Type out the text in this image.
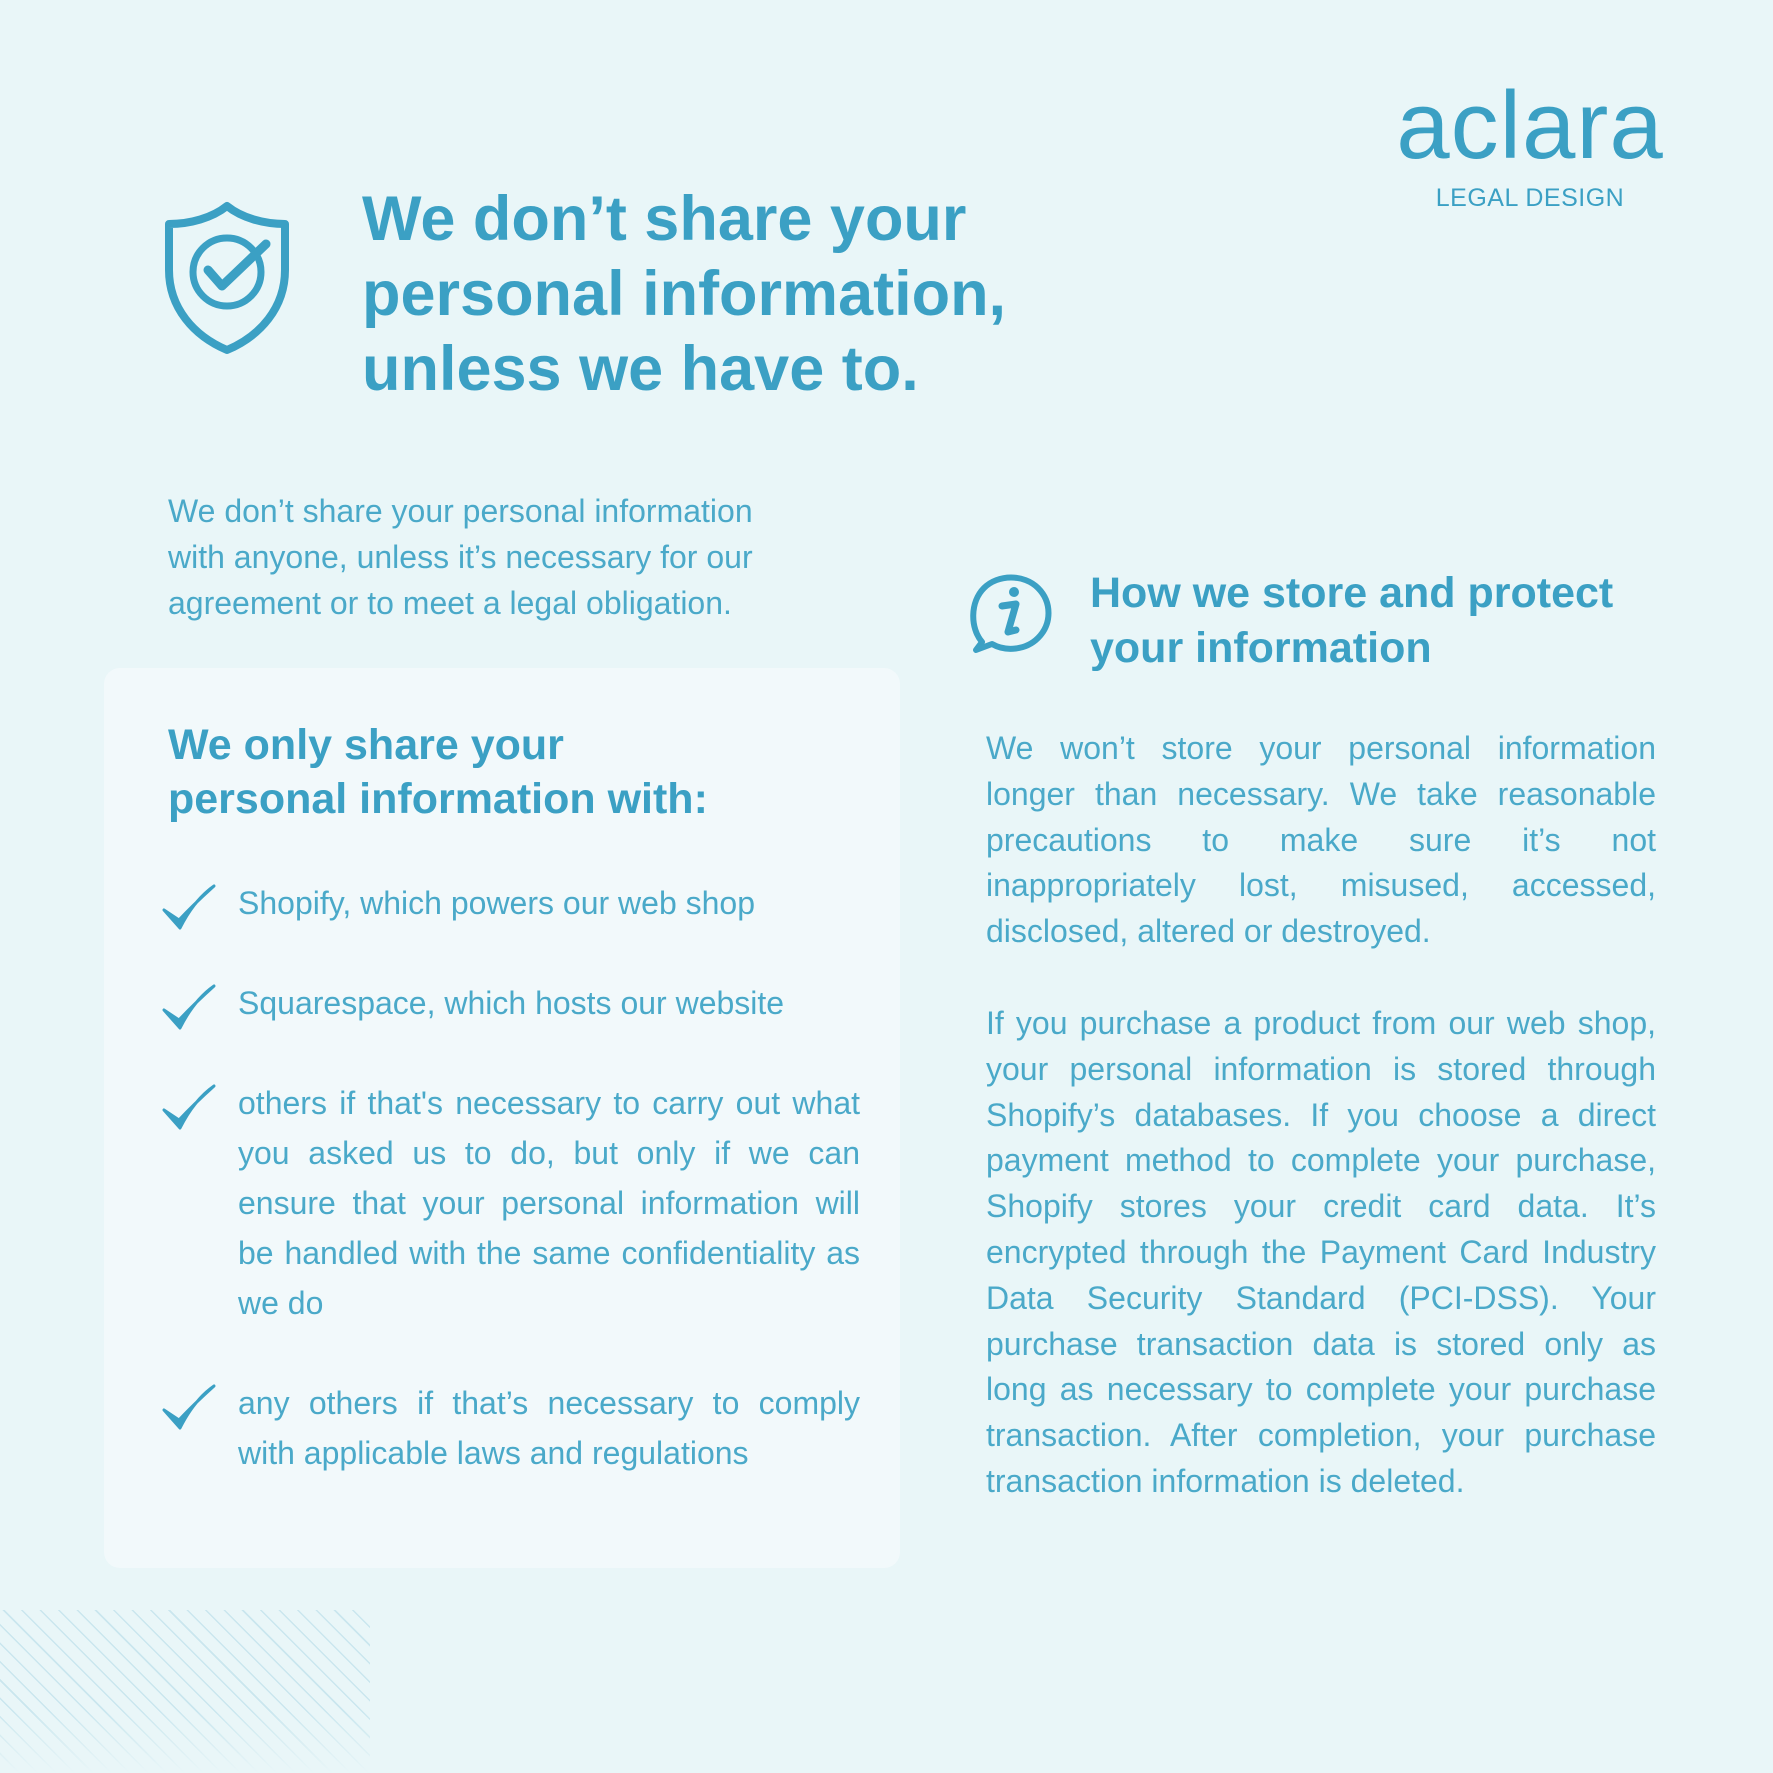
aclara
LEGAL DESIGN
We don’t share your
personal information,
unless we have to.

We don’t share your personal information
with anyone, unless it’s necessary for our
agreement or to meet a legal obligation.

We only share your
personal information with:
Shopify, which powers our web shop
Squarespace, which hosts our website
others if that's necessary to carry out what you asked us to do, but only if we can ensure that your personal information will be handled with the same confidentiality as we do
any others if that’s necessary to comply with applicable laws and regulations
How we store and protect
your information

We won’t store your personal information longer than necessary. We take reasonable precautions to make sure it’s not inappropriately lost, misused, accessed, disclosed, altered or destroyed.

If you purchase a product from our web shop, your personal information is stored through Shopify’s databases. If you choose a direct payment method to complete your purchase, Shopify stores your credit card data. It’s encrypted through the Payment Card Industry Data Security Standard (PCI-DSS). Your purchase transaction data is stored only as long as necessary to complete your purchase transaction. After completion, your purchase transaction information is deleted.
